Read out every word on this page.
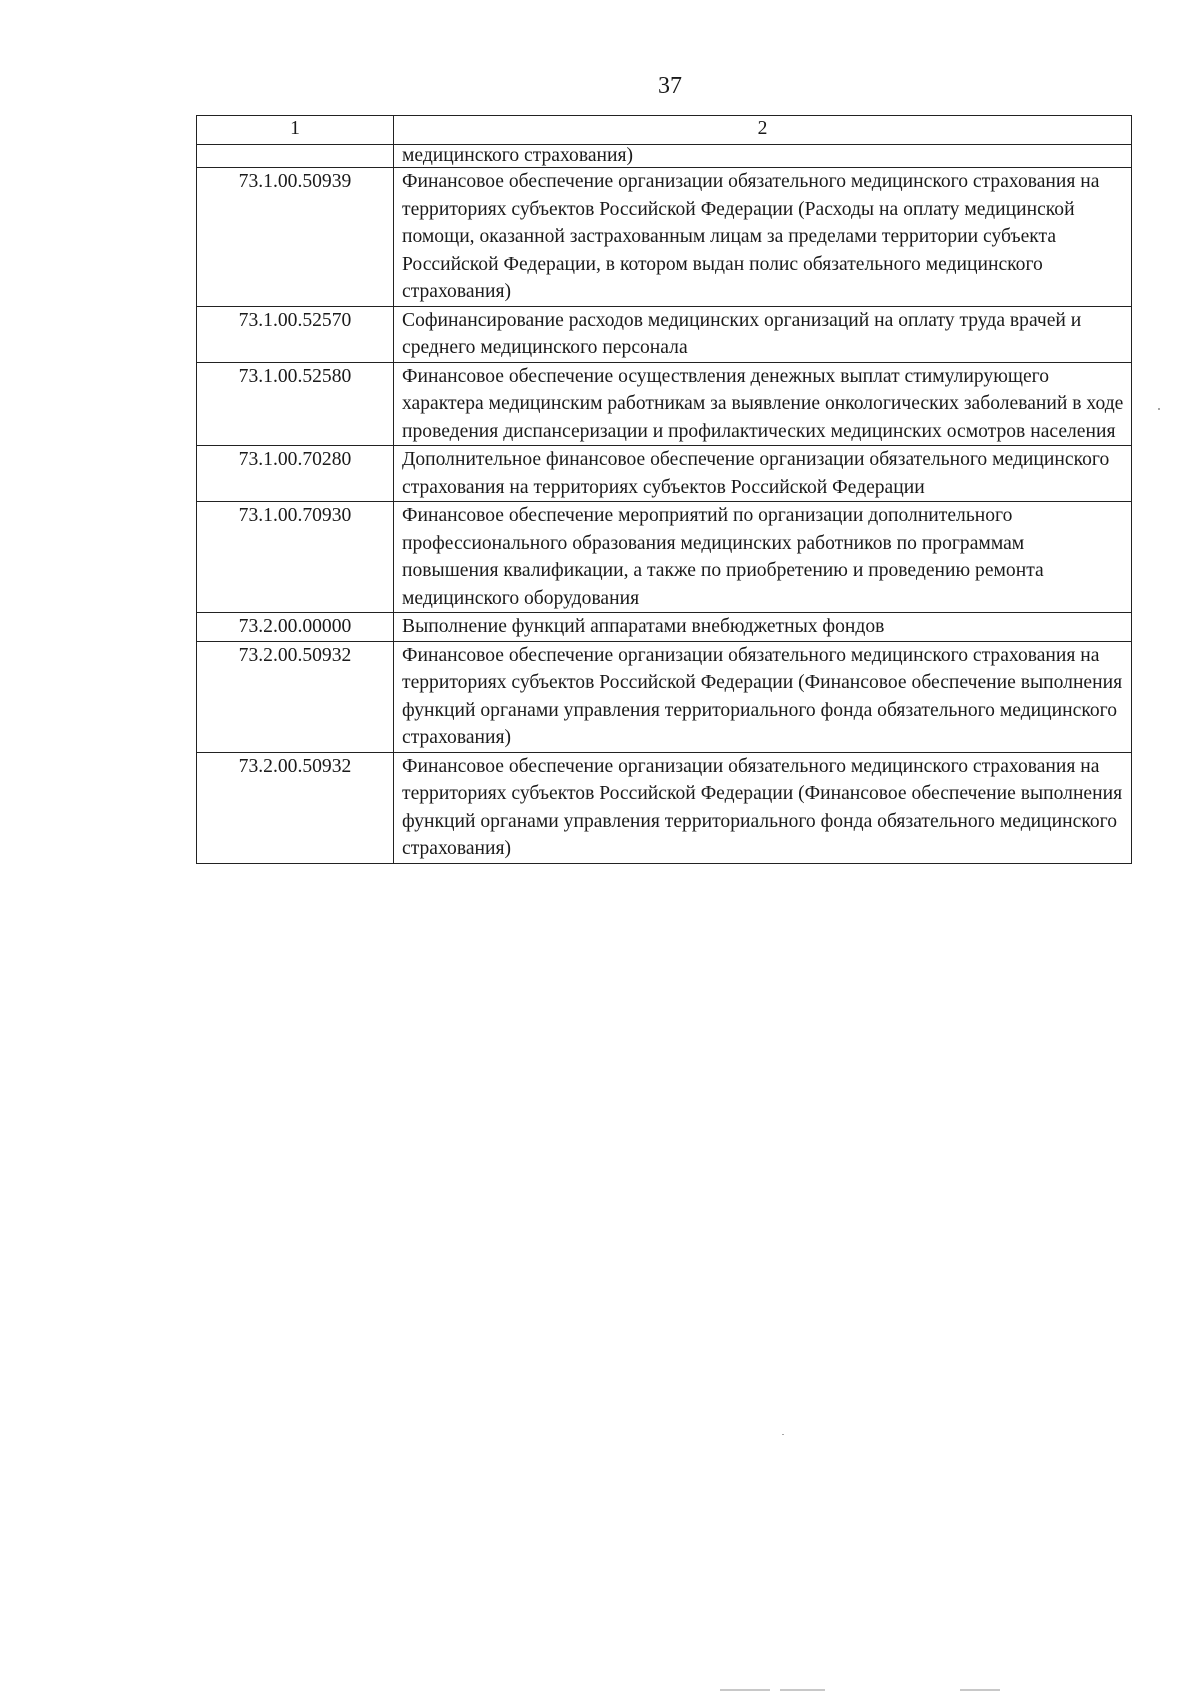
37
1	2
	медицинского страхования)
73.1.00.50939	Финансовое обеспечение организации обязательного медицинского страхования на территориях субъектов Российской Федерации (Расходы на оплату медицинской помощи, оказанной застрахованным лицам за пределами территории субъекта Российской Федерации, в котором выдан полис обязательного медицинского страхования)
73.1.00.52570	Софинансирование расходов медицинских организаций на оплату труда врачей и среднего медицинского персонала
73.1.00.52580	Финансовое обеспечение осуществления денежных выплат стимулирующего характера медицинским работникам за выявление онкологических заболеваний в ходе проведения диспансеризации и профилактических медицинских осмотров населения
73.1.00.70280	Дополнительное финансовое обеспечение организации обязательного медицинского страхования на территориях субъектов Российской Федерации
73.1.00.70930	Финансовое обеспечение мероприятий по организации дополнительного профессионального образования медицинских работников по программам повышения квалификации, а также по приобретению и проведению ремонта медицинского оборудования
73.2.00.00000	Выполнение функций аппаратами внебюджетных фондов
73.2.00.50932	Финансовое обеспечение организации обязательного медицинского страхования на территориях субъектов Российской Федерации (Финансовое обеспечение выполнения функций органами управления территориального фонда обязательного медицинского страхования)
73.2.00.50932	Финансовое обеспечение организации обязательного медицинского страхования на территориях субъектов Российской Федерации (Финансовое обеспечение выполнения функций органами управления территориального фонда обязательного медицинского страхования)
